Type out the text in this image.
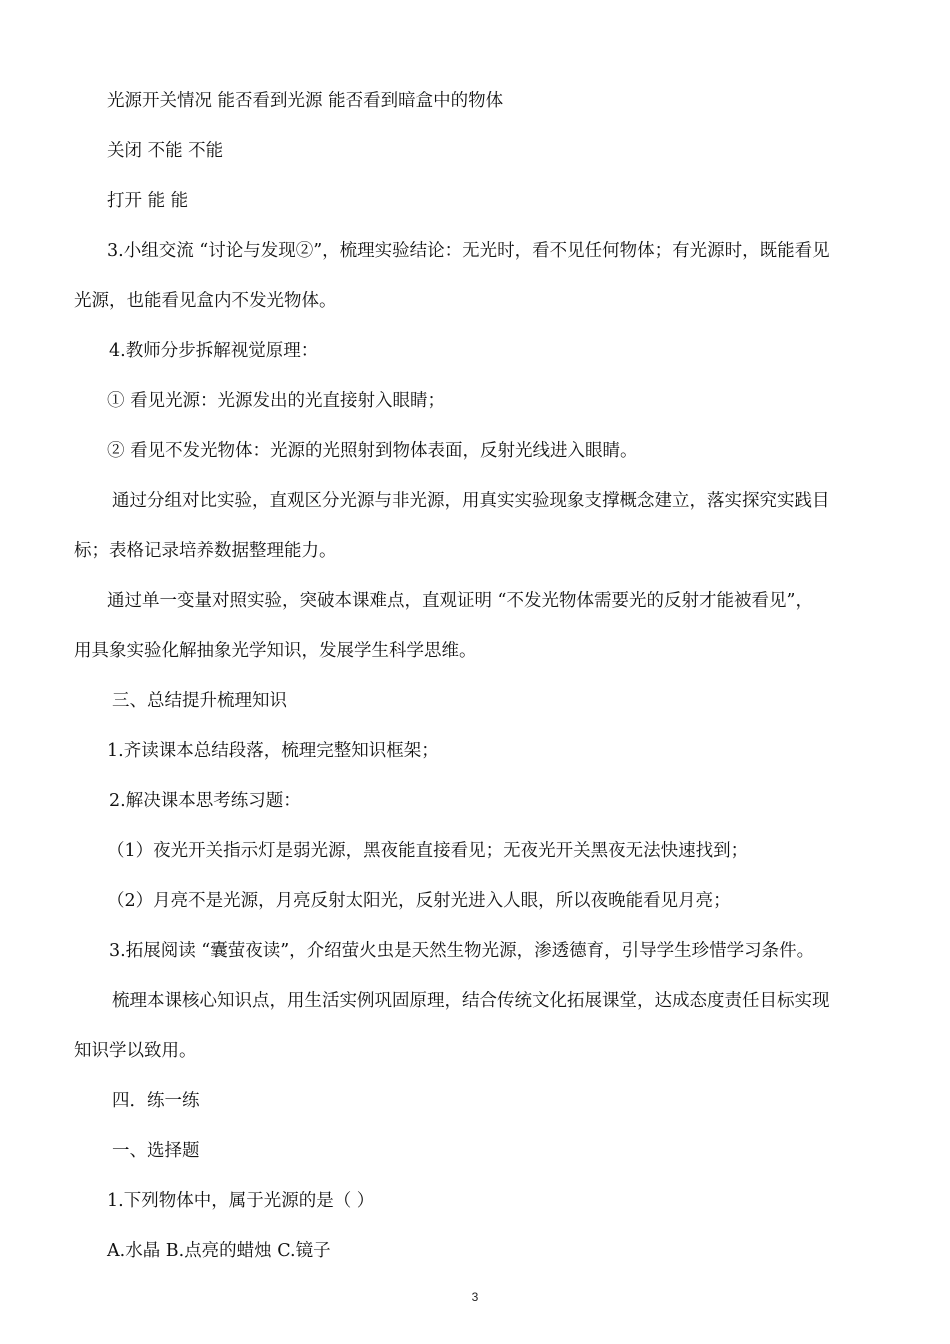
光源开关情况 能否看到光源 能否看到暗盒中的物体
关闭 不能 不能
打开 能 能
3.小组交流 “讨论与发现②”，梳理实验结论：无光时，看不见任何物体；有光源时，既能看见
光源，也能看见盒内不发光物体。
4.教师分步拆解视觉原理：
① 看见光源：光源发出的光直接射入眼睛；
② 看见不发光物体：光源的光照射到物体表面，反射光线进入眼睛。
通过分组对比实验，直观区分光源与非光源，用真实实验现象支撑概念建立，落实探究实践目
标；表格记录培养数据整理能力。
通过单一变量对照实验，突破本课难点，直观证明 “不发光物体需要光的反射才能被看见”，
用具象实验化解抽象光学知识，发展学生科学思维。
三、总结提升梳理知识
1.齐读课本总结段落，梳理完整知识框架；
2.解决课本思考练习题：
（1）夜光开关指示灯是弱光源，黑夜能直接看见；无夜光开关黑夜无法快速找到；
（2）月亮不是光源，月亮反射太阳光，反射光进入人眼，所以夜晚能看见月亮；
3.拓展阅读 “囊萤夜读”，介绍萤火虫是天然生物光源，渗透德育，引导学生珍惜学习条件。
梳理本课核心知识点，用生活实例巩固原理，结合传统文化拓展课堂，达成态度责任目标实现
知识学以致用。
四．练一练
一、选择题
1.下列物体中，属于光源的是（ ）
A.水晶 B.点亮的蜡烛 C.镜子
3
